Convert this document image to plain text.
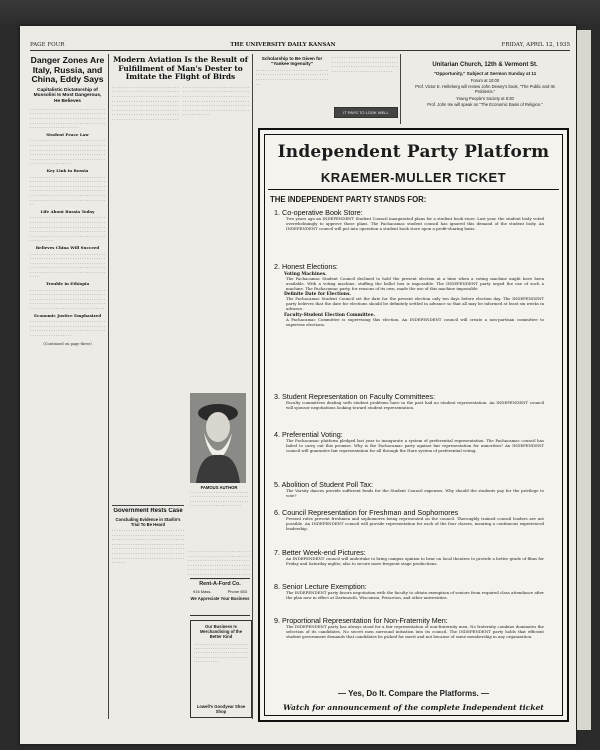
PAGE FOUR	THE UNIVERSITY DAILY KANSAN	FRIDAY, APRIL 12, 1935
Danger Zones Are Italy, Russia, and China, Eddy Says
Capitalistic Dictatorship of Mussolini Is Most Dangerous, He Believes

- - - - - - - - - - - - - - - - - - - - - - - - - - - - - - - - - - - - - - - - - - - - - - - - - - - - - - - - - - - - - - - - - - - - - - - - - - - - - - - - - - - - - - - - - - - - - - - - - - - - - - - - - - - - - - - - - - - - - - - - - - - - - - - - - - - - - - - - - - - - - - - - - - - - -

Student Peace Law

- - - - - - - - - - - - - - - - - - - - - - - - - - - - - - - - - - - - - - - - - - - - - - - - - - - - - - - - - - - - - - - - - - - - - - - - - - - - - - - - - - - - - - - - - - - - - - - - - - - - - - - - - - - - - - - - - - - - - - - - - - - - - - - - - - - - - - - - - - - - - - - - - - - - - - - - - - - - - - - - - - - - - - - - - - - - - - - - - -

Key Link in Russia

- - - - - - - - - - - - - - - - - - - - - - - - - - - - - - - - - - - - - - - - - - - - - - - - - - - - - - - - - - - - - - - - - - - - - - - - - - - - - - - - - - - - - - - - - - - - - - - - - - - - - - - - - - - - - - - - - - - - - - - - - - - - - - - - - - - - - - - - - - - - - - - - - - - - - - - - - - - - - - - - - - - - - - - - - - - - - - - - - - - - - - - - - - - - - - - - - -

Life About Russia Today

- - - - - - - - - - - - - - - - - - - - - - - - - - - - - - - - - - - - - - - - - - - - - - - - - - - - - - - - - - - - - - - - - - - - - - - - - - - - - - - - - - - - - - - - - - - - - - - - - - - - - - - - - - - - - - - - - - - - - - - - - - - - - - - - - - - - - - - - - - - - - - - - - - - - - - - - - - - - - - - - - - - - - - - - - -

Believes China Will Succeed

- - - - - - - - - - - - - - - - - - - - - - - - - - - - - - - - - - - - - - - - - - - - - - - - - - - - - - - - - - - - - - - - - - - - - - - - - - - - - - - - - - - - - - - - - - - - - - - - - - - - - - - - - - - - - - - - - - - - - - - - - - - - - - - - - - - - - - - - - - - - - - - - - - - - - - - - - - - - - - - - - - - -

Trouble in Ethiopia

- - - - - - - - - - - - - - - - - - - - - - - - - - - - - - - - - - - - - - - - - - - - - - - - - - - - - - - - - - - - - - - - - - - - - - - - - - - - - - - - - - - - - - - - - - - - - - - - - - - - - - - - - - - - - - - - - - - - - - - - - - - - - - - - - - - - - - - - - - - - - - - - - - - - - - - - - - - - - - - -

Economic Justice Emphasized

- - - - - - - - - - - - - - - - - - - - - - - - - - - - - - - - - - - - - - - - - - - - - - - - - - - - - - - - - - - - - - - - - - - - - - - - - - - - - - - - - - - - - - - - - - - - - - - - - - - - - - - - - - - - - - - - - -

(Continued on page three)
Modern Aviation Is the Result of Fulfillment of Man's Dester to Imitate the Flight of Birds

- - - - - - - - - - - - - - - - - - - - - - - - - - - - - - - - - - - - - - - - - - - - - - - - - - - - - - - - - - - - - - - - - - - - - - - - - - - - - - - - - - - - - - - - - - - - - - - - - - - - - - - - - - - - - - - - - - - - - - - - - - - - - - - - - - - - - - - - - - - - - - - - - - - - - - - - - - - - - - - - - - - - - - - - - - - - - - - - - - - - - - - - - - - - - - - - - - - - - - - - - - - - - - - - - - - - - - - - - - - - - - - - - - - - - - - - - - - - - - - - - - - - - - - - - - - - - - - - - - - - - - - - - - - - - - - - - - - - - - - - - - - - - - - - - - - - - - - - - - - - - - - - - - - - - - - - - - - - - - - - - - - - - - - - - - - - - - - - - - - - - - - - - - - - - - - - - - - - - - - - - - - - - - - - - - - - - - - - - - - - - - - - - - - - - - - - - - - - - - - - - - - -

Government Rests Case
Concluding Evidence in Starlin's Trial To Be Heard

- - - - - - - - - - - - - - - - - - - - - - - - - - - - - - - - - - - - - - - - - - - - - - - - - - - - - - - - - - - - - - - - - - - - - - - - - - - - - - - - - - - - - - - - - - - - - - - - - - - - - - - - - - - - - - - - - - - - - - - - - - - - - - - - - - - - - - - - - - - - - - - - - - - - - - - - - - - - - - - - - - - - - - - - - - - - - - - - - - - - - - - - - - - - - - - - - - - - - - - - - - - - - - - - - - - - - - - - - - - - - - -

FAMOUS AUTHOR

- - - - - - - - - - - - - - - - - - - - - - - - - - - - - - - - - - - - - - - - - - - - - - - - - - - - - - - - - - - - - - - - - - - - - - - - - - - - - - - - - - - - - - - - - - - - - - - - -

- - - - - - - - - - - - - - - - - - - - - - - - - - - - - - - - - - - - - - - - - - - - - - - - - - - - - - - - - - - - - - - - - - - - - - - - - - - - - - - - - - - - - - - - - - - - - - - - - - - - - - - - - - - - - - - - - - - - - - - - - - - - - - - - - - - - - - - - - - - - - - - - - - - - - - - - - - - - - - - - - - - - - - - - - - - - - - - - - - - -

Scholarship to Be Given for "Yankee Ingenuity"

- - - - - - - - - - - - - - - - - - - - - - - - - - - - - - - - - - - - - - - - - - - - - - - - - - - - - - - - - - - - - - - - - - - - - - - - - - - - - - - - - - - - - - - - - - - - - - -

- - - - - - - - - - - - - - - - - - - - - - - - - - - - - - - - - - - - - - - - - - - - - - - - - - - - - - - - - - - - - - - - - - - - - - - - - - - - - - - - - - - - - - - - - - - - - - - - - - - - - - - - - - - - - -

IT PAYS TO LOOK WELL
Unitarian Church, 12th & Vermont St.
"Opportunity," Subject at Sermon Sunday at 11
Forum at 10:00
Prof. Victor E. Helleberg will review John Dewey's book, "The Public and Its Problems."
Young People's Society at 6:30
Prof. John Ise will speak on "The Economic Basis of Religion."
Rent-A-Ford Co.
916 Mass.	Phone 653
We Appreciate Your Business
Our Business Is Merchandising of the Better Kind
- - - - - - - - - - - - - - - - - - - - - - - - - - - - - - - - - - - - - - - - - - - - - - - - - - - - - - - - - - - - - - - - - - - - - - - - - - - - - - - - - - - - - - - - - - - - - - - - - - - - - - - - - - - - - - - - - - - -
Lowell's Goodyear Shoe Shop
Independent Party Platform
KRAEMER-MULLER TICKET
THE INDEPENDENT PARTY STANDS FOR:
1. Co-operative Book Store:
Two years ago an INDEPENDENT Student Council inaugurated plans for a student book store. Last year, the student body voted overwhelmingly to approve those plans. The Pachacamac student council has ignored this demand of the student body. An INDEPENDENT council will put into operation a student book store upon a profit-sharing basis.
2. Honest Elections:
Voting Machines.
The Pachacamac Student Council declined to hold the present election at a time when a voting machine might have been available. With a voting machine, stuffing the ballot box is impossible. The INDEPENDENT party urged the use of such a machine. The Pachacamac party, for reasons of its own, made the use of this machine impossible.
Definite Date for Elections.
The Pachacamac Student Council set the date for the present election only ten days before election day. The INDEPENDENT party believes that the date for elections should be definitely settled in advance so that all may be informed at least six weeks in advance.
Faculty-Student Election Committee.
A Pachacamac Committee is supervising this election. An INDEPENDENT council will create a non-partisan committee to supervise elections.
3. Student Representation on Faculty Committees:
Faculty committees dealing with student problems have in the past had no student representation. An INDEPENDENT council will sponsor negotiations looking toward student representation.
4. Preferential Voting:
The Pachacamac platform pledged last year to inaugurate a system of preferential representation. The Pachacamac council has failed to carry out this promise. Why is the Pachacamac party against fair representation for minorities? An INDEPENDENT council will guarantee fair representation for all through the Hare system of preferential voting.
5. Abolition of Student Poll Tax:
The Varsity dances provide sufficient funds for the Student Council expenses. Why should the students pay for the privilege to vote?
6. Council Representation for Freshman and Sophomores
Present rules prevent freshmen and sophomores being represented on the council. Thoroughly trained council leaders are not possible. An INDEPENDENT council will provide representation for each of the four classes, insuring a continuous experienced leadership.
7. Better Week-end Pictures:
An INDEPENDENT council will undertake to bring campus opinion to bear on local theatres to provide a better grade of films for Friday and Saturday nights; also to secure more frequent stage productions.
8. Senior Lecture Exemption:
The INDEPENDENT party favors negotiation with the faculty to obtain exemption of seniors from required class attendance after the plan now in effect at Dartmouth, Wisconsin, Princeton, and other universities.
9. Proportional Representation for Non-Fraternity Men:
The INDEPENDENT party has always stood for a fair representation of non-fraternity men. No fraternity combine dominates the selection of its candidates. No secret men surround initiation into its council. The INDEPENDENT party holds that efficient student government demands that candidates be picked for merit and not because of some membership in any organization.
— Yes, Do It. Compare the Platforms. —
Watch for announcement of the complete Independent ticket
